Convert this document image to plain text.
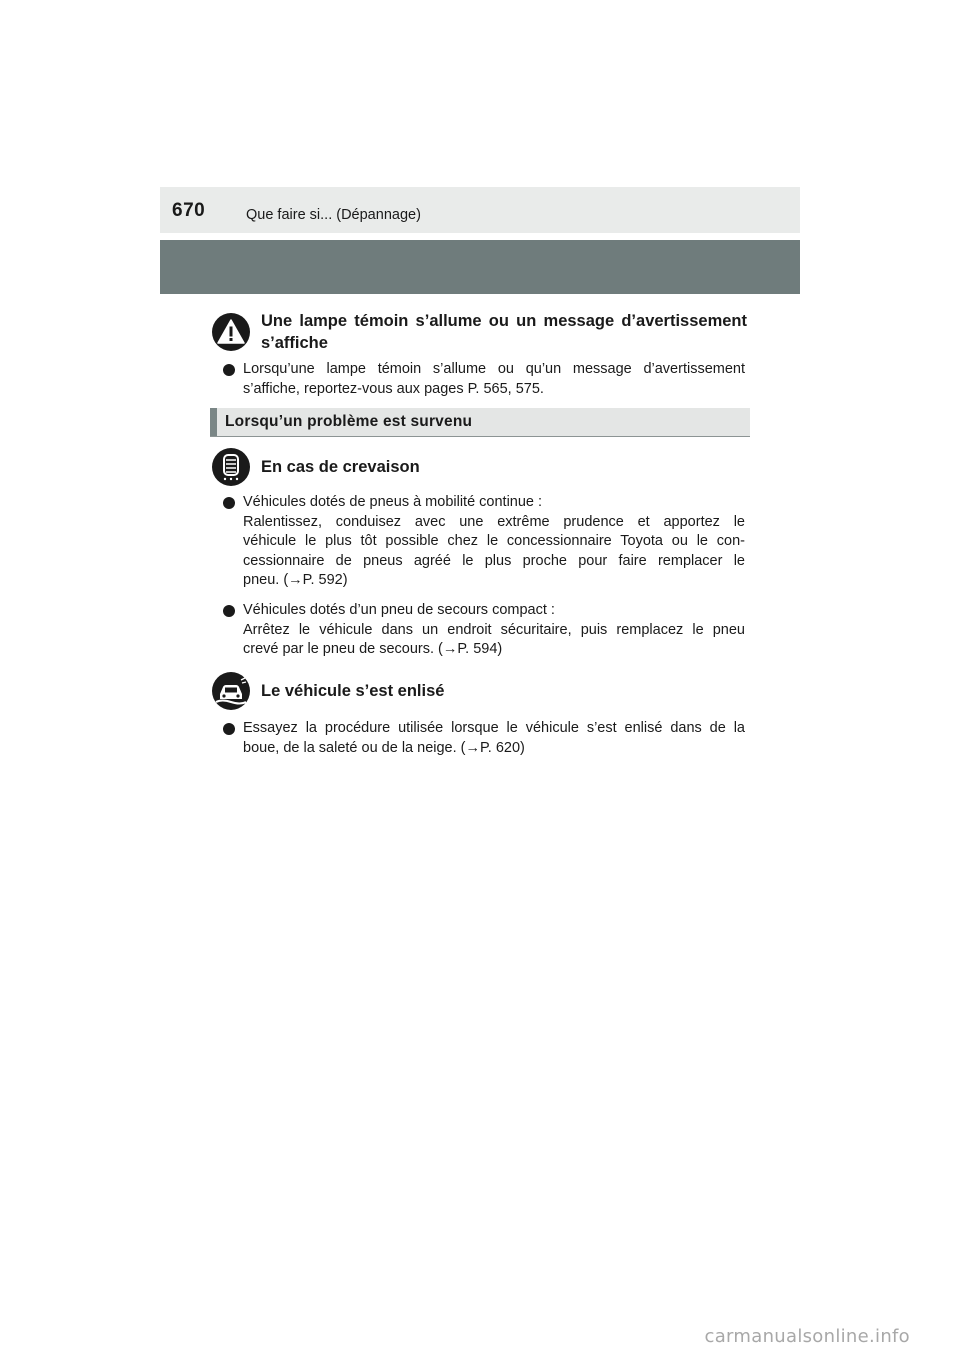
670	Que faire si... (Dépannage)
Une lampe témoin s’allume ou un message d’avertissement
s’affiche
Lorsqu’une lampe témoin s’allume ou qu’un message d’avertissement
s’affiche, reportez-vous aux pages P. 565, 575.
Lorsqu’un problème est survenu
En cas de crevaison
Véhicules dotés de pneus à mobilité continue :
Ralentissez, conduisez avec une extrême prudence et apportez le
véhicule le plus tôt possible chez le concessionnaire Toyota ou le con-
cessionnaire de pneus agréé le plus proche pour faire remplacer le
pneu. (→P. 592)
Véhicules dotés d’un pneu de secours compact :
Arrêtez le véhicule dans un endroit sécuritaire, puis remplacez le pneu
crevé par le pneu de secours. (→P. 594)
Le véhicule s’est enlisé
Essayez la procédure utilisée lorsque le véhicule s’est enlisé dans de la
boue, de la saleté ou de la neige. (→P. 620)
carmanualsonline.info
